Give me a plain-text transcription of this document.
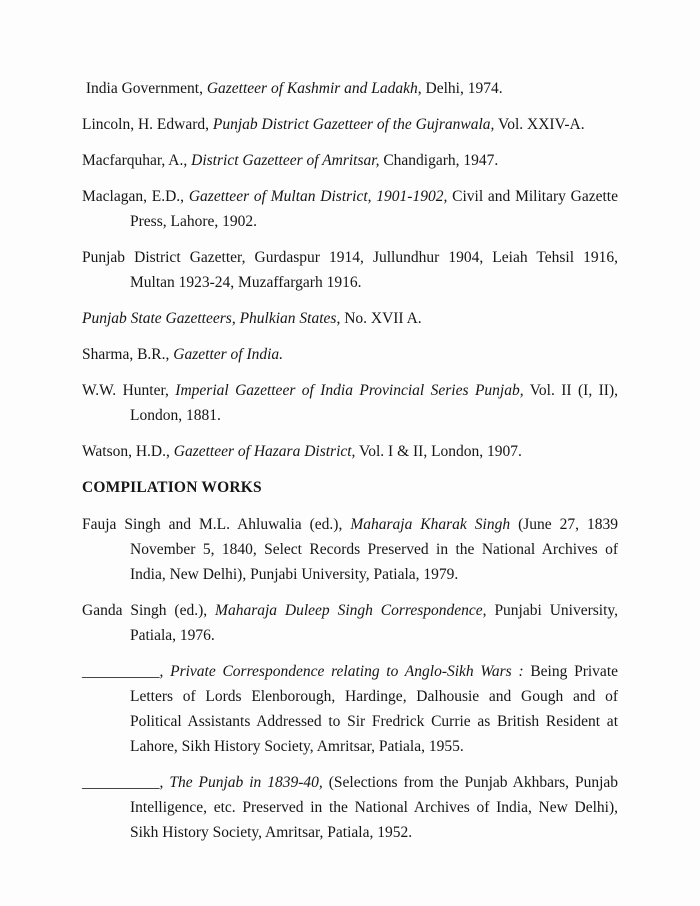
India Government, Gazetteer of Kashmir and Ladakh, Delhi, 1974.

Lincoln, H. Edward, Punjab District Gazetteer of the Gujranwala, Vol. XXIV-A.

Macfarquhar, A., District Gazetteer of Amritsar, Chandigarh, 1947.

Maclagan, E.D., Gazetteer of Multan District, 1901-1902, Civil and Military Gazette Press, Lahore, 1902.

Punjab District Gazetter, Gurdaspur 1914, Jullundhur 1904, Leiah Tehsil 1916, Multan 1923-24, Muzaffargarh 1916.

Punjab State Gazetteers, Phulkian States, No. XVII A.

Sharma, B.R., Gazetter of India.

W.W. Hunter, Imperial Gazetteer of India Provincial Series Punjab, Vol. II (I, II), London, 1881.

Watson, H.D., Gazetteer of Hazara District, Vol. I & II, London, 1907.

COMPILATION WORKS

Fauja Singh and M.L. Ahluwalia (ed.), Maharaja Kharak Singh (June 27, 1839 November 5, 1840, Select Records Preserved in the National Archives of India, New Delhi), Punjabi University, Patiala, 1979.

Ganda Singh (ed.), Maharaja Duleep Singh Correspondence, Punjabi University, Patiala, 1976.

__________, Private Correspondence relating to Anglo-Sikh Wars : Being Private Letters of Lords Elenborough, Hardinge, Dalhousie and Gough and of Political Assistants Addressed to Sir Fredrick Currie as British Resident at Lahore, Sikh History Society, Amritsar, Patiala, 1955.

__________, The Punjab in 1839-40, (Selections from the Punjab Akhbars, Punjab Intelligence, etc. Preserved in the National Archives of India, New Delhi), Sikh History Society, Amritsar, Patiala, 1952.
